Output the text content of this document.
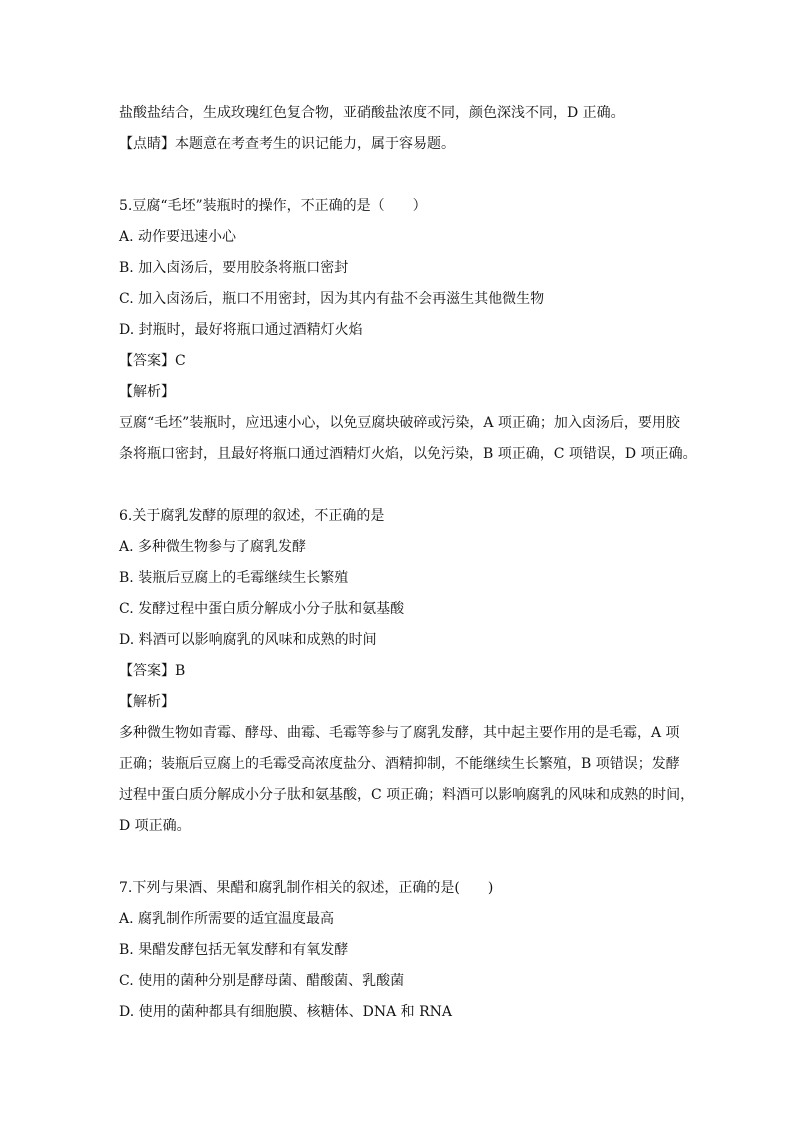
盐酸盐结合，生成玫瑰红色复合物，亚硝酸盐浓度不同，颜色深浅不同，D 正确。
【点睛】本题意在考查考生的识记能力，属于容易题。
5.豆腐“毛坯”装瓶时的操作，不正确的是（　　）
A. 动作要迅速小心
B. 加入卤汤后，要用胶条将瓶口密封
C. 加入卤汤后，瓶口不用密封，因为其内有盐不会再滋生其他微生物
D. 封瓶时，最好将瓶口通过酒精灯火焰
【答案】C
【解析】
豆腐“毛坯”装瓶时，应迅速小心，以免豆腐块破碎或污染，A 项正确；加入卤汤后，要用胶
条将瓶口密封，且最好将瓶口通过酒精灯火焰，以免污染，B 项正确，C 项错误，D 项正确。
6.关于腐乳发酵的原理的叙述，不正确的是
A. 多种微生物参与了腐乳发酵
B. 装瓶后豆腐上的毛霉继续生长繁殖
C. 发酵过程中蛋白质分解成小分子肽和氨基酸
D. 料酒可以影响腐乳的风味和成熟的时间
【答案】B
【解析】
多种微生物如青霉、酵母、曲霉、毛霉等参与了腐乳发酵，其中起主要作用的是毛霉，A 项
正确；装瓶后豆腐上的毛霉受高浓度盐分、酒精抑制，不能继续生长繁殖，B 项错误；发酵
过程中蛋白质分解成小分子肽和氨基酸，C 项正确；料酒可以影响腐乳的风味和成熟的时间，
D 项正确。
7.下列与果酒、果醋和腐乳制作相关的叙述，正确的是(　　)
A. 腐乳制作所需要的适宜温度最高
B. 果醋发酵包括无氧发酵和有氧发酵
C. 使用的菌种分别是酵母菌、醋酸菌、乳酸菌
D. 使用的菌种都具有细胞膜、核糖体、DNA 和 RNA
